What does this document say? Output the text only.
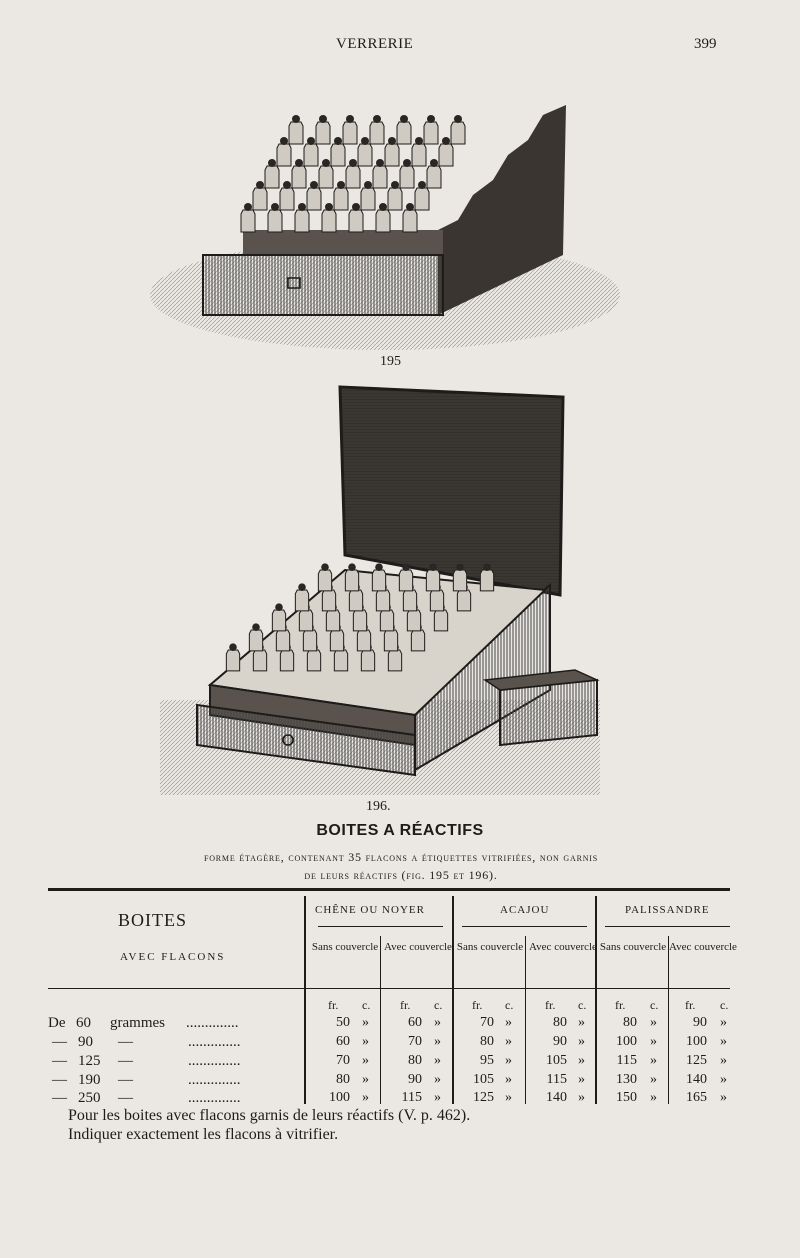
VERRERIE	399
195
196.
BOITES A RÉACTIFS
forme étagère, contenant 35 flacons a étiquettes vitrifiées, non garnis
de leurs réactifs (fig. 195 et 196).
BOITES
AVEC FLACONS
CHÊNE OU NOYER	ACAJOU	PALISSANDRE
Sans couvercle Avec couvercle Sans couvercle Avec couvercle Sans couvercle Avec couvercle
fr. c. fr. c. fr. c.	fr. c. fr. c. fr. c.
De 60 grammes ..............	50 »	60 »	70 »	80 »	80 »	90 »
— 90 —	..............	60 »	70 »	80 »	90 »	100 »	100 »
— 125 —	..............	70 »	80 »	95 »	105 »	115 »	125 »
— 190 —	..............	80 »	90 »	105 »	115 »	130 »	140 »
— 250 —	..............	100 »	115 »	125 »	140 »	150 »	165 »
Pour les boites avec flacons garnis de leurs réactifs (V. p. 462).
Indiquer exactement les flacons à vitrifier.
